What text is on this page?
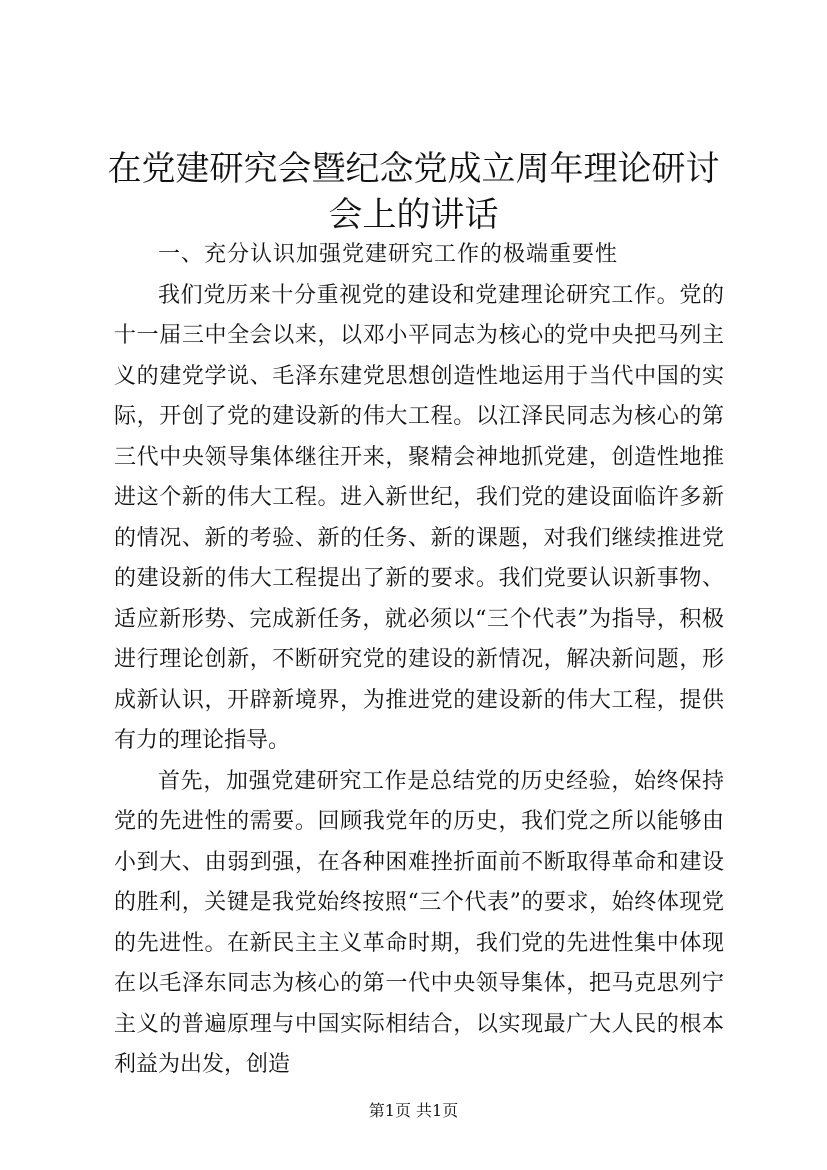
在党建研究会暨纪念党成立周年理论研讨会上的讲话

一、充分认识加强党建研究工作的极端重要性

我们党历来十分重视党的建设和党建理论研究工作。党的十一届三中全会以来，以邓小平同志为核心的党中央把马列主义的建党学说、毛泽东建党思想创造性地运用于当代中国的实际，开创了党的建设新的伟大工程。以江泽民同志为核心的第三代中央领导集体继往开来，聚精会神地抓党建，创造性地推进这个新的伟大工程。进入新世纪，我们党的建设面临许多新的情况、新的考验、新的任务、新的课题，对我们继续推进党的建设新的伟大工程提出了新的要求。我们党要认识新事物、适应新形势、完成新任务，就必须以“三个代表”为指导，积极进行理论创新，不断研究党的建设的新情况，解决新问题，形成新认识，开辟新境界，为推进党的建设新的伟大工程，提供有力的理论指导。

首先，加强党建研究工作是总结党的历史经验，始终保持党的先进性的需要。回顾我党年的历史，我们党之所以能够由小到大、由弱到强，在各种困难挫折面前不断取得革命和建设的胜利，关键是我党始终按照“三个代表”的要求，始终体现党的先进性。在新民主主义革命时期，我们党的先进性集中体现在以毛泽东同志为核心的第一代中央领导集体，把马克思列宁主义的普遍原理与中国实际相结合，以实现最广大人民的根本利益为出发，创造

第1页 共1页
